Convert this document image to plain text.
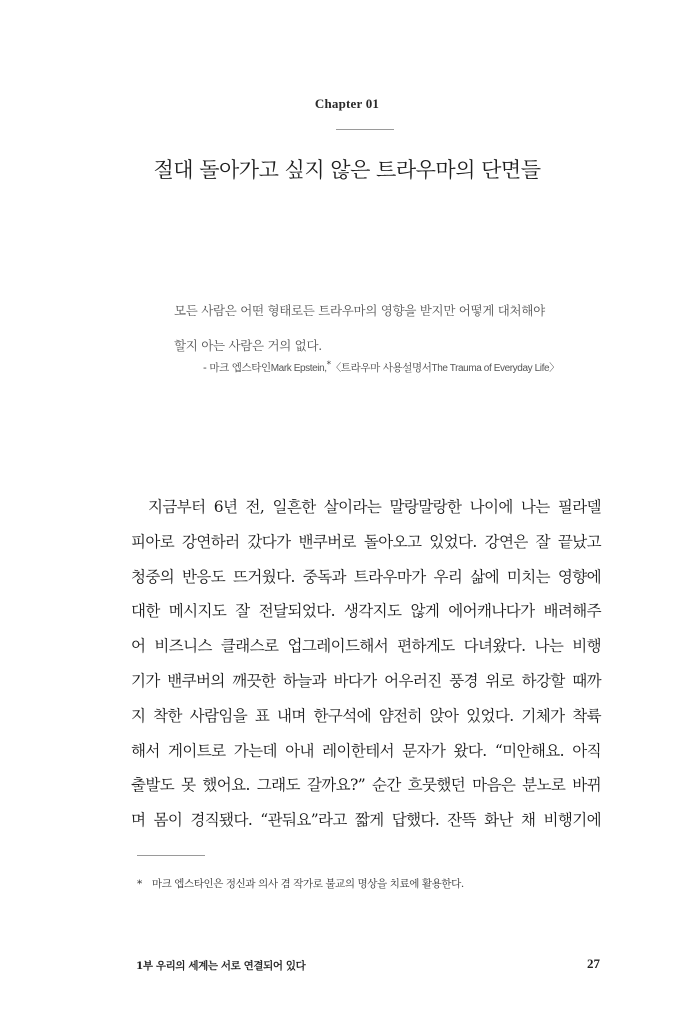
Chapter 01
절대 돌아가고 싶지 않은 트라우마의 단면들
모든 사람은 어떤 형태로든 트라우마의 영향을 받지만 어떻게 대처해야
할지 아는 사람은 거의 없다.
- 마크 엡스타인Mark Epstein,*〈트라우마 사용설명서The Trauma of Everyday Life〉
지금부터 6년 전, 일흔한 살이라는 말랑말랑한 나이에 나는 필라델
피아로 강연하러 갔다가 밴쿠버로 돌아오고 있었다. 강연은 잘 끝났고
청중의 반응도 뜨거웠다. 중독과 트라우마가 우리 삶에 미치는 영향에
대한 메시지도 잘 전달되었다. 생각지도 않게 에어캐나다가 배려해주
어 비즈니스 클래스로 업그레이드해서 편하게도 다녀왔다. 나는 비행
기가 밴쿠버의 깨끗한 하늘과 바다가 어우러진 풍경 위로 하강할 때까
지 착한 사람임을 표 내며 한구석에 얌전히 앉아 있었다. 기체가 착륙
해서 게이트로 가는데 아내 레이한테서 문자가 왔다. “미안해요. 아직
출발도 못 했어요. 그래도 갈까요?” 순간 흐뭇했던 마음은 분노로 바뀌
며 몸이 경직됐다. “관둬요”라고 짧게 답했다. 잔뜩 화난 채 비행기에
* 마크 엡스타인은 정신과 의사 겸 작가로 불교의 명상을 치료에 활용한다.
1부 우리의 세계는 서로 연결되어 있다	27
